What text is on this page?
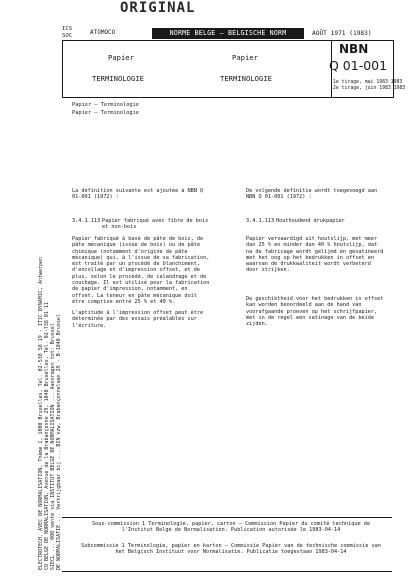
ORIGINAL
ICS
SOC	ATOMOCO	NORME BELGE — BELGISCHE NORM	AOÛT 1971 (1983)
Papier	Papier
TERMINOLOGIE	TERMINOLOGIE
NBN
Q 01-001
1e tirage, mai 1983 1983
2e tirage, juin 1983 1983
ELECTROTECH. AVEC DE NORMALISATION, Thème 1, 1000 Bruxelles, Tel. 02-538 58 19 - ITIC DYNAMIC, Antwerpen CO BELGE DE NORMALISATION, Avenue de la Brabançonne 29, 1040 Bruxelles, Tél. 02-738 01 11 SIECL ... 000 vente via INSTITUT BELGE DE NORMALISATION ... Aanvragen tot: Brussel DE NORMALISATIE ... Verkrijgbaar bij ... BIN vzw, Brabançonnelaan 29 - B-1040 Brussel
Papier — Terminologie
Papier — Terminologie
La définition suivante est ajoutée à NBN Q 01-001 (1972) :
3.4.1.113 Papier fabriqué avec fibre de bois et non-bois
Papier fabriqué à base de pâte de bois, de pâte mécanique (issue de bois) ou de pâte chimique (notamment d'origine de pâte mécanique) qui, à l'issue de sa fabrication, est traité par un procédé de blanchiment, d'encollage et d'impression offset, et de plus, selon le procédé, de calandrage et de couchage. Il est utilisé pour la fabrication de papier d'impression, notamment, en offset. La teneur en pâte mécanique doit être comprise entre 25 % et 40 %.
L'aptitude à l'impression offset peut être déterminée par des essais préalables sur l'écriture.
De volgende definitie wordt toegevoegd aan NBN Q 01-001 (1972) :
3.4.1.113 Houthoudend drukpapier
Papier vervaardigd uit houtslijp, met meer dan 25 % en minder dan 40 % houtslijp, dat na de fabricage wordt gelijmd en gesatineerd met het oog op het bedrukken in offset en waarvan de drukkwaliteit wordt verbeterd door strijken.
De geschiktheid voor het bedrukken in offset kan worden beoordeeld aan de hand van voorafgaande proeven op het schrijfpapier, met in de regel een satinage van de beide zijden.
Sous-commission 1 Terminologie, papier, carton — Commission Papier du comité technique de l'Institut Belge de Normalisation. Publication autorisée le 1983-04-14
Subcommissie 1 Terminologie, papier en karton — Commissie Papier van de technische commissie van het Belgisch Instituut voor Normalisatie. Publicatie toegestaan 1983-04-14
